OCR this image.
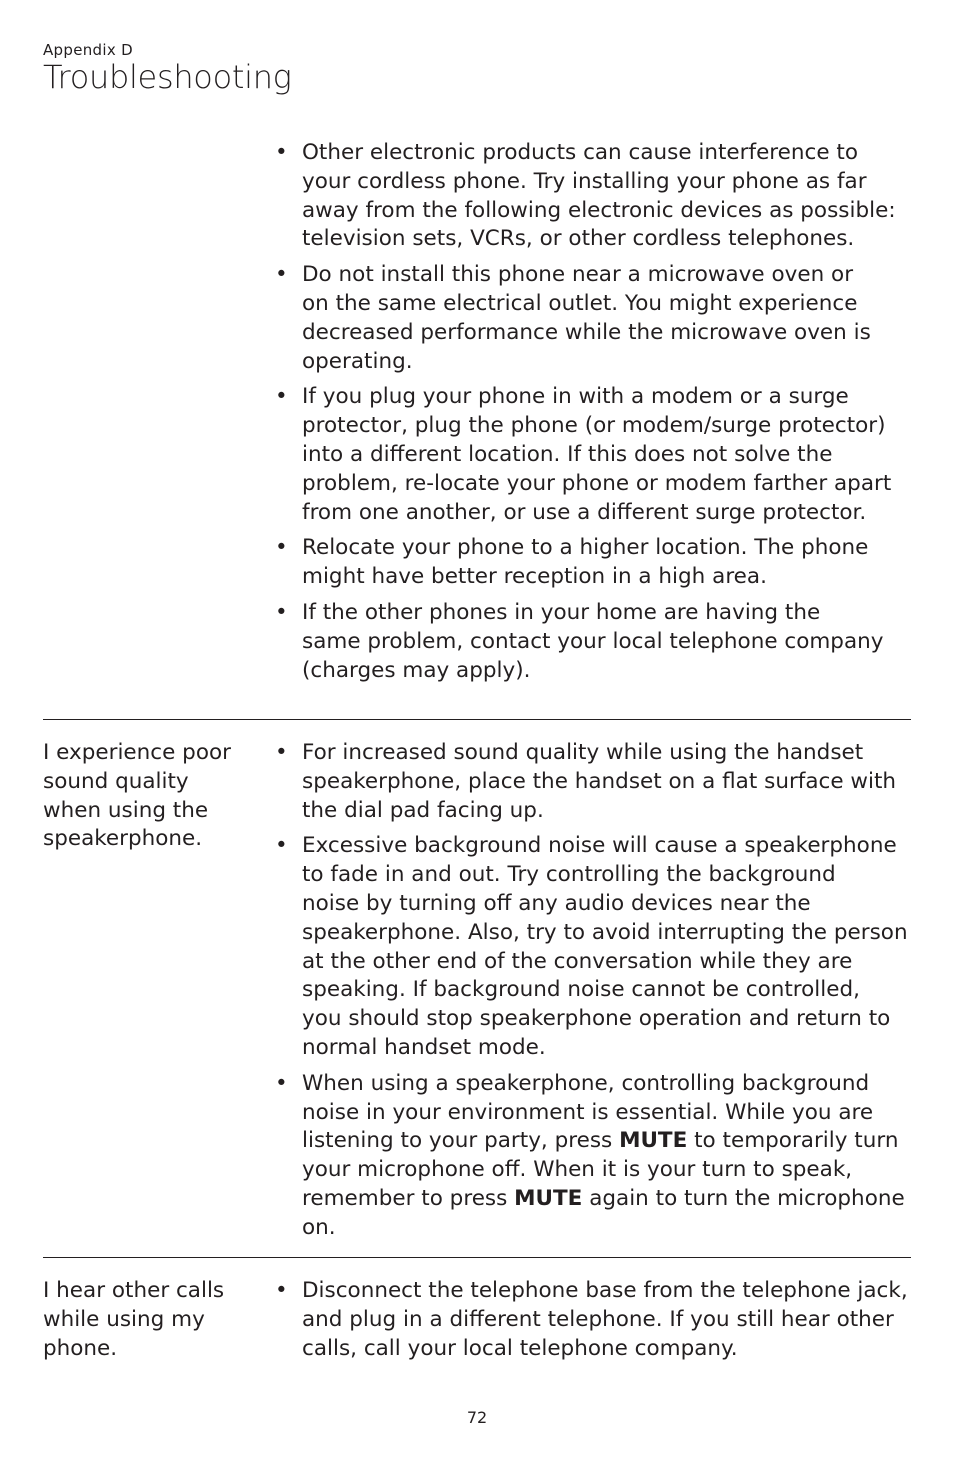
Appendix D
Troubleshooting
• Other electronic products can cause interference to
your cordless phone. Try installing your phone as far
away from the following electronic devices as possible:
television sets, VCRs, or other cordless telephones.
• Do not install this phone near a microwave oven or
on the same electrical outlet. You might experience
decreased performance while the microwave oven is
operating.
• If you plug your phone in with a modem or a surge
protector, plug the phone (or modem/surge protector)
into a different location. If this does not solve the
problem, re-locate your phone or modem farther apart
from one another, or use a different surge protector.
• Relocate your phone to a higher location. The phone
might have better reception in a high area.
• If the other phones in your home are having the
same problem, contact your local telephone company
(charges may apply).
I experience poor
sound quality
when using the
speakerphone.
• For increased sound quality while using the handset
speakerphone, place the handset on a flat surface with
the dial pad facing up.
• Excessive background noise will cause a speakerphone
to fade in and out. Try controlling the background
noise by turning off any audio devices near the
speakerphone. Also, try to avoid interrupting the person
at the other end of the conversation while they are
speaking. If background noise cannot be controlled,
you should stop speakerphone operation and return to
normal handset mode.
• When using a speakerphone, controlling background
noise in your environment is essential. While you are
listening to your party, press MUTE to temporarily turn
your microphone off. When it is your turn to speak,
remember to press MUTE again to turn the microphone
on.
I hear other calls
while using my
phone.
• Disconnect the telephone base from the telephone jack,
and plug in a different telephone. If you still hear other
calls, call your local telephone company.
72
